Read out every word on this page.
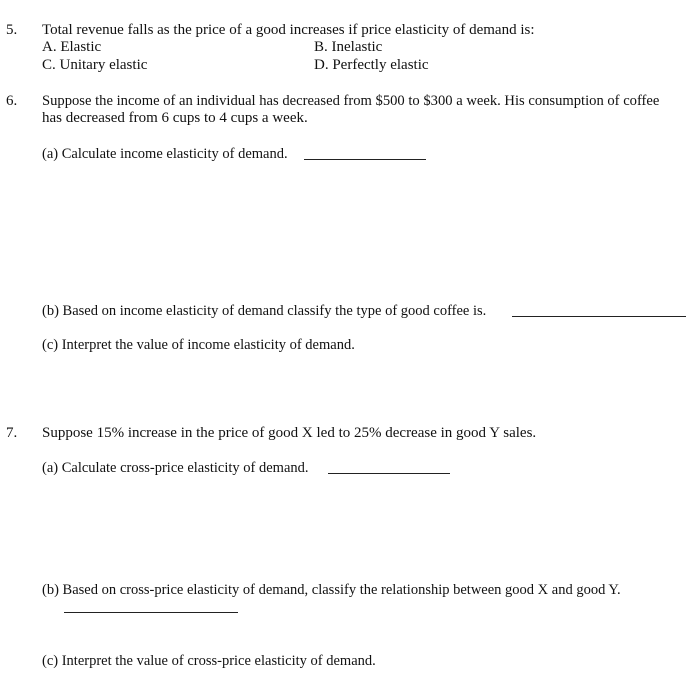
5. Total revenue falls as the price of a good increases if price elasticity of demand is:
A. Elastic	B. Inelastic
C. Unitary elastic	D. Perfectly elastic
6. Suppose the income of an individual has decreased from $500 to $300 a week. His consumption of coffee
has decreased from 6 cups to 4 cups a week.
(a) Calculate income elasticity of demand.
(b) Based on income elasticity of demand classify the type of good coffee is.
(c) Interpret the value of income elasticity of demand.
7. Suppose 15% increase in the price of good X led to 25% decrease in good Y sales.
(a) Calculate cross-price elasticity of demand.
(b) Based on cross-price elasticity of demand, classify the relationship between good X and good Y.
(c) Interpret the value of cross-price elasticity of demand.
